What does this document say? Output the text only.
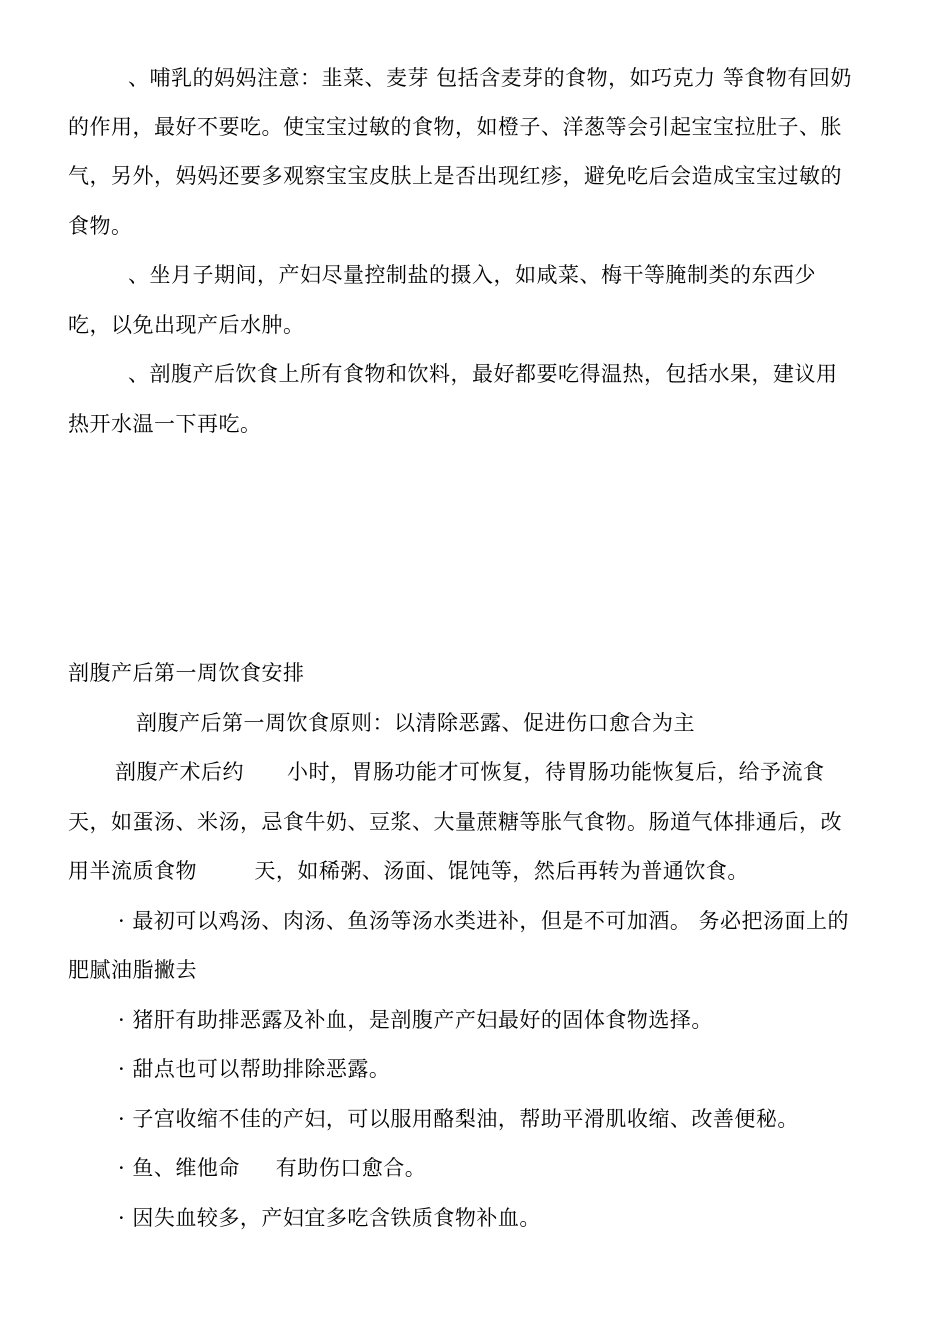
、哺乳的妈妈注意：韭菜、麦芽 包括含麦芽的食物，如巧克力 等食物有回奶
的作用，最好不要吃。使宝宝过敏的食物，如橙子、洋葱等会引起宝宝拉肚子、胀
气，另外，妈妈还要多观察宝宝皮肤上是否出现红疹，避免吃后会造成宝宝过敏的
食物。
、坐月子期间，产妇尽量控制盐的摄入，如咸菜、梅干等腌制类的东西少
吃，以免出现产后水肿。
、剖腹产后饮食上所有食物和饮料，最好都要吃得温热，包括水果，建议用
热开水温一下再吃。
剖腹产后第一周饮食安排
剖腹产后第一周饮食原则：以清除恶露、促进伤口愈合为主
剖腹产术后约      小时，胃肠功能才可恢复，待胃肠功能恢复后，给予流食
天，如蛋汤、米汤，忌食牛奶、豆浆、大量蔗糖等胀气食物。肠道气体排通后，改
用半流质食物        天，如稀粥、汤面、馄饨等，然后再转为普通饮食。
· 最初可以鸡汤、肉汤、鱼汤等汤水类进补，但是不可加酒。 务必把汤面上的
肥腻油脂撇去
· 猪肝有助排恶露及补血，是剖腹产产妇最好的固体食物选择。
· 甜点也可以帮助排除恶露。
· 子宫收缩不佳的产妇，可以服用酪梨油，帮助平滑肌收缩、改善便秘。
· 鱼、维他命     有助伤口愈合。
· 因失血较多，产妇宜多吃含铁质食物补血。
